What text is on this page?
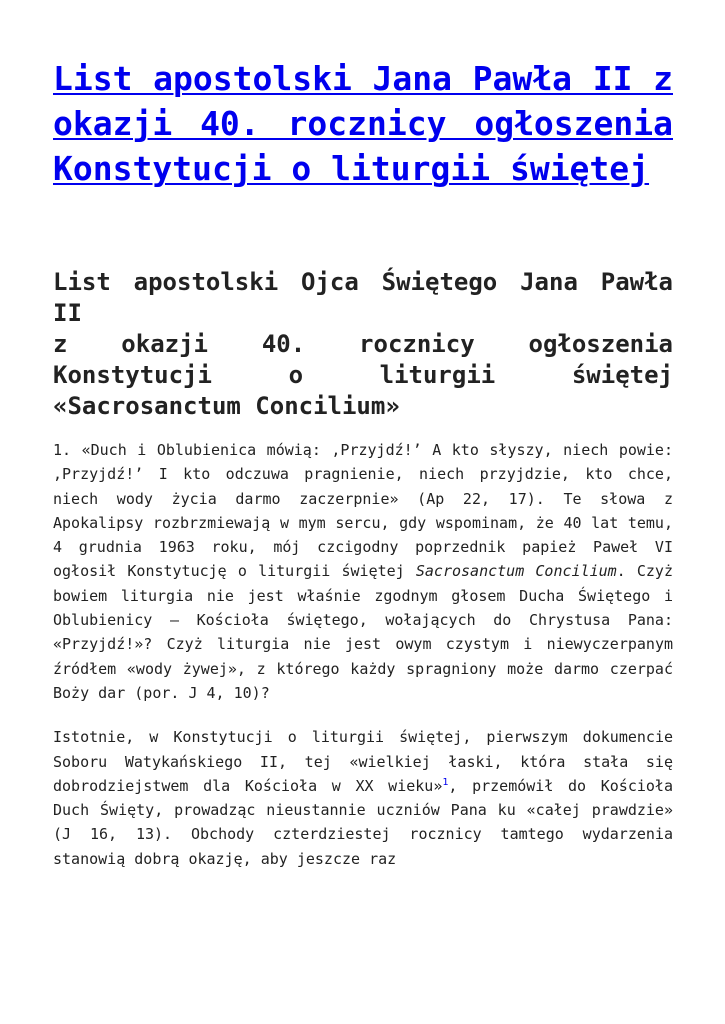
List apostolski Jana Pawła II z okazji 40. rocznicy ogłoszenia Konstytucji o liturgii świętej
List apostolski Ojca Świętego Jana Pawła II
z okazji 40. rocznicy ogłoszenia Konstytucji o liturgii świętej «Sacrosanctum Concilium»

1. «Duch i Oblubienica mówią: ‚Przyjdź!’ A kto słyszy, niech powie: ‚Przyjdź!’ I kto odczuwa pragnienie, niech przyjdzie, kto chce, niech wody życia darmo zaczerpnie» (Ap 22, 17). Te słowa z Apokalipsy rozbrzmiewają w mym sercu, gdy wspominam, że 40 lat temu, 4 grudnia 1963 roku, mój czcigodny poprzednik papież Paweł VI ogłosił Konstytucję o liturgii świętej Sacrosanctum Concilium. Czyż bowiem liturgia nie jest właśnie zgodnym głosem Ducha Świętego i Oblubienicy — Kościoła świętego, wołających do Chrystusa Pana: «Przyjdź!»? Czyż liturgia nie jest owym czystym i niewyczerpanym źródłem «wody żywej», z którego każdy spragniony może darmo czerpać Boży dar (por. J 4, 10)?

Istotnie, w Konstytucji o liturgii świętej, pierwszym dokumencie Soboru Watykańskiego II, tej «wielkiej łaski, która stała się dobrodziejstwem dla Kościoła w XX wieku»$^1$, przemówił do Kościoła Duch Święty, prowadząc nieustannie uczniów Pana ku «całej prawdzie» (J 16, 13). Obchody czterdziestej rocznicy tamtego wydarzenia stanowią dobrą okazję, aby jeszcze raz
